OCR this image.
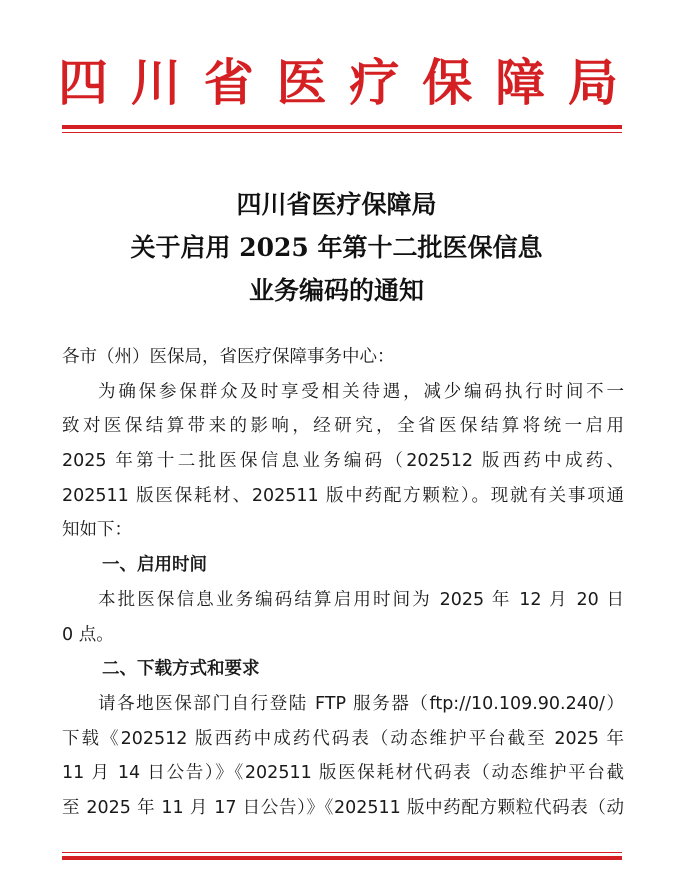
四 川 省 医 疗 保 障 局
四川省医疗保障局
关于启用 2025 年第十二批医保信息
业务编码的通知
各市（州）医保局，省医疗保障事务中心：
为确保参保群众及时享受相关待遇，减少编码执行时间不一
致对医保结算带来的影响，经研究，全省医保结算将统一启用
2025 年第十二批医保信息业务编码（202512 版西药中成药、
202511 版医保耗材、202511 版中药配方颗粒）。现就有关事项通
知如下：
一、启用时间
本批医保信息业务编码结算启用时间为 2025 年 12 月 20 日
0 点。
二、下载方式和要求
请各地医保部门自行登陆 FTP 服务器（ftp://10.109.90.240/）
下载《202512 版西药中成药代码表（动态维护平台截至 2025 年
11 月 14 日公告）》《202511 版医保耗材代码表（动态维护平台截
至 2025 年 11 月 17 日公告）》《202511 版中药配方颗粒代码表（动
